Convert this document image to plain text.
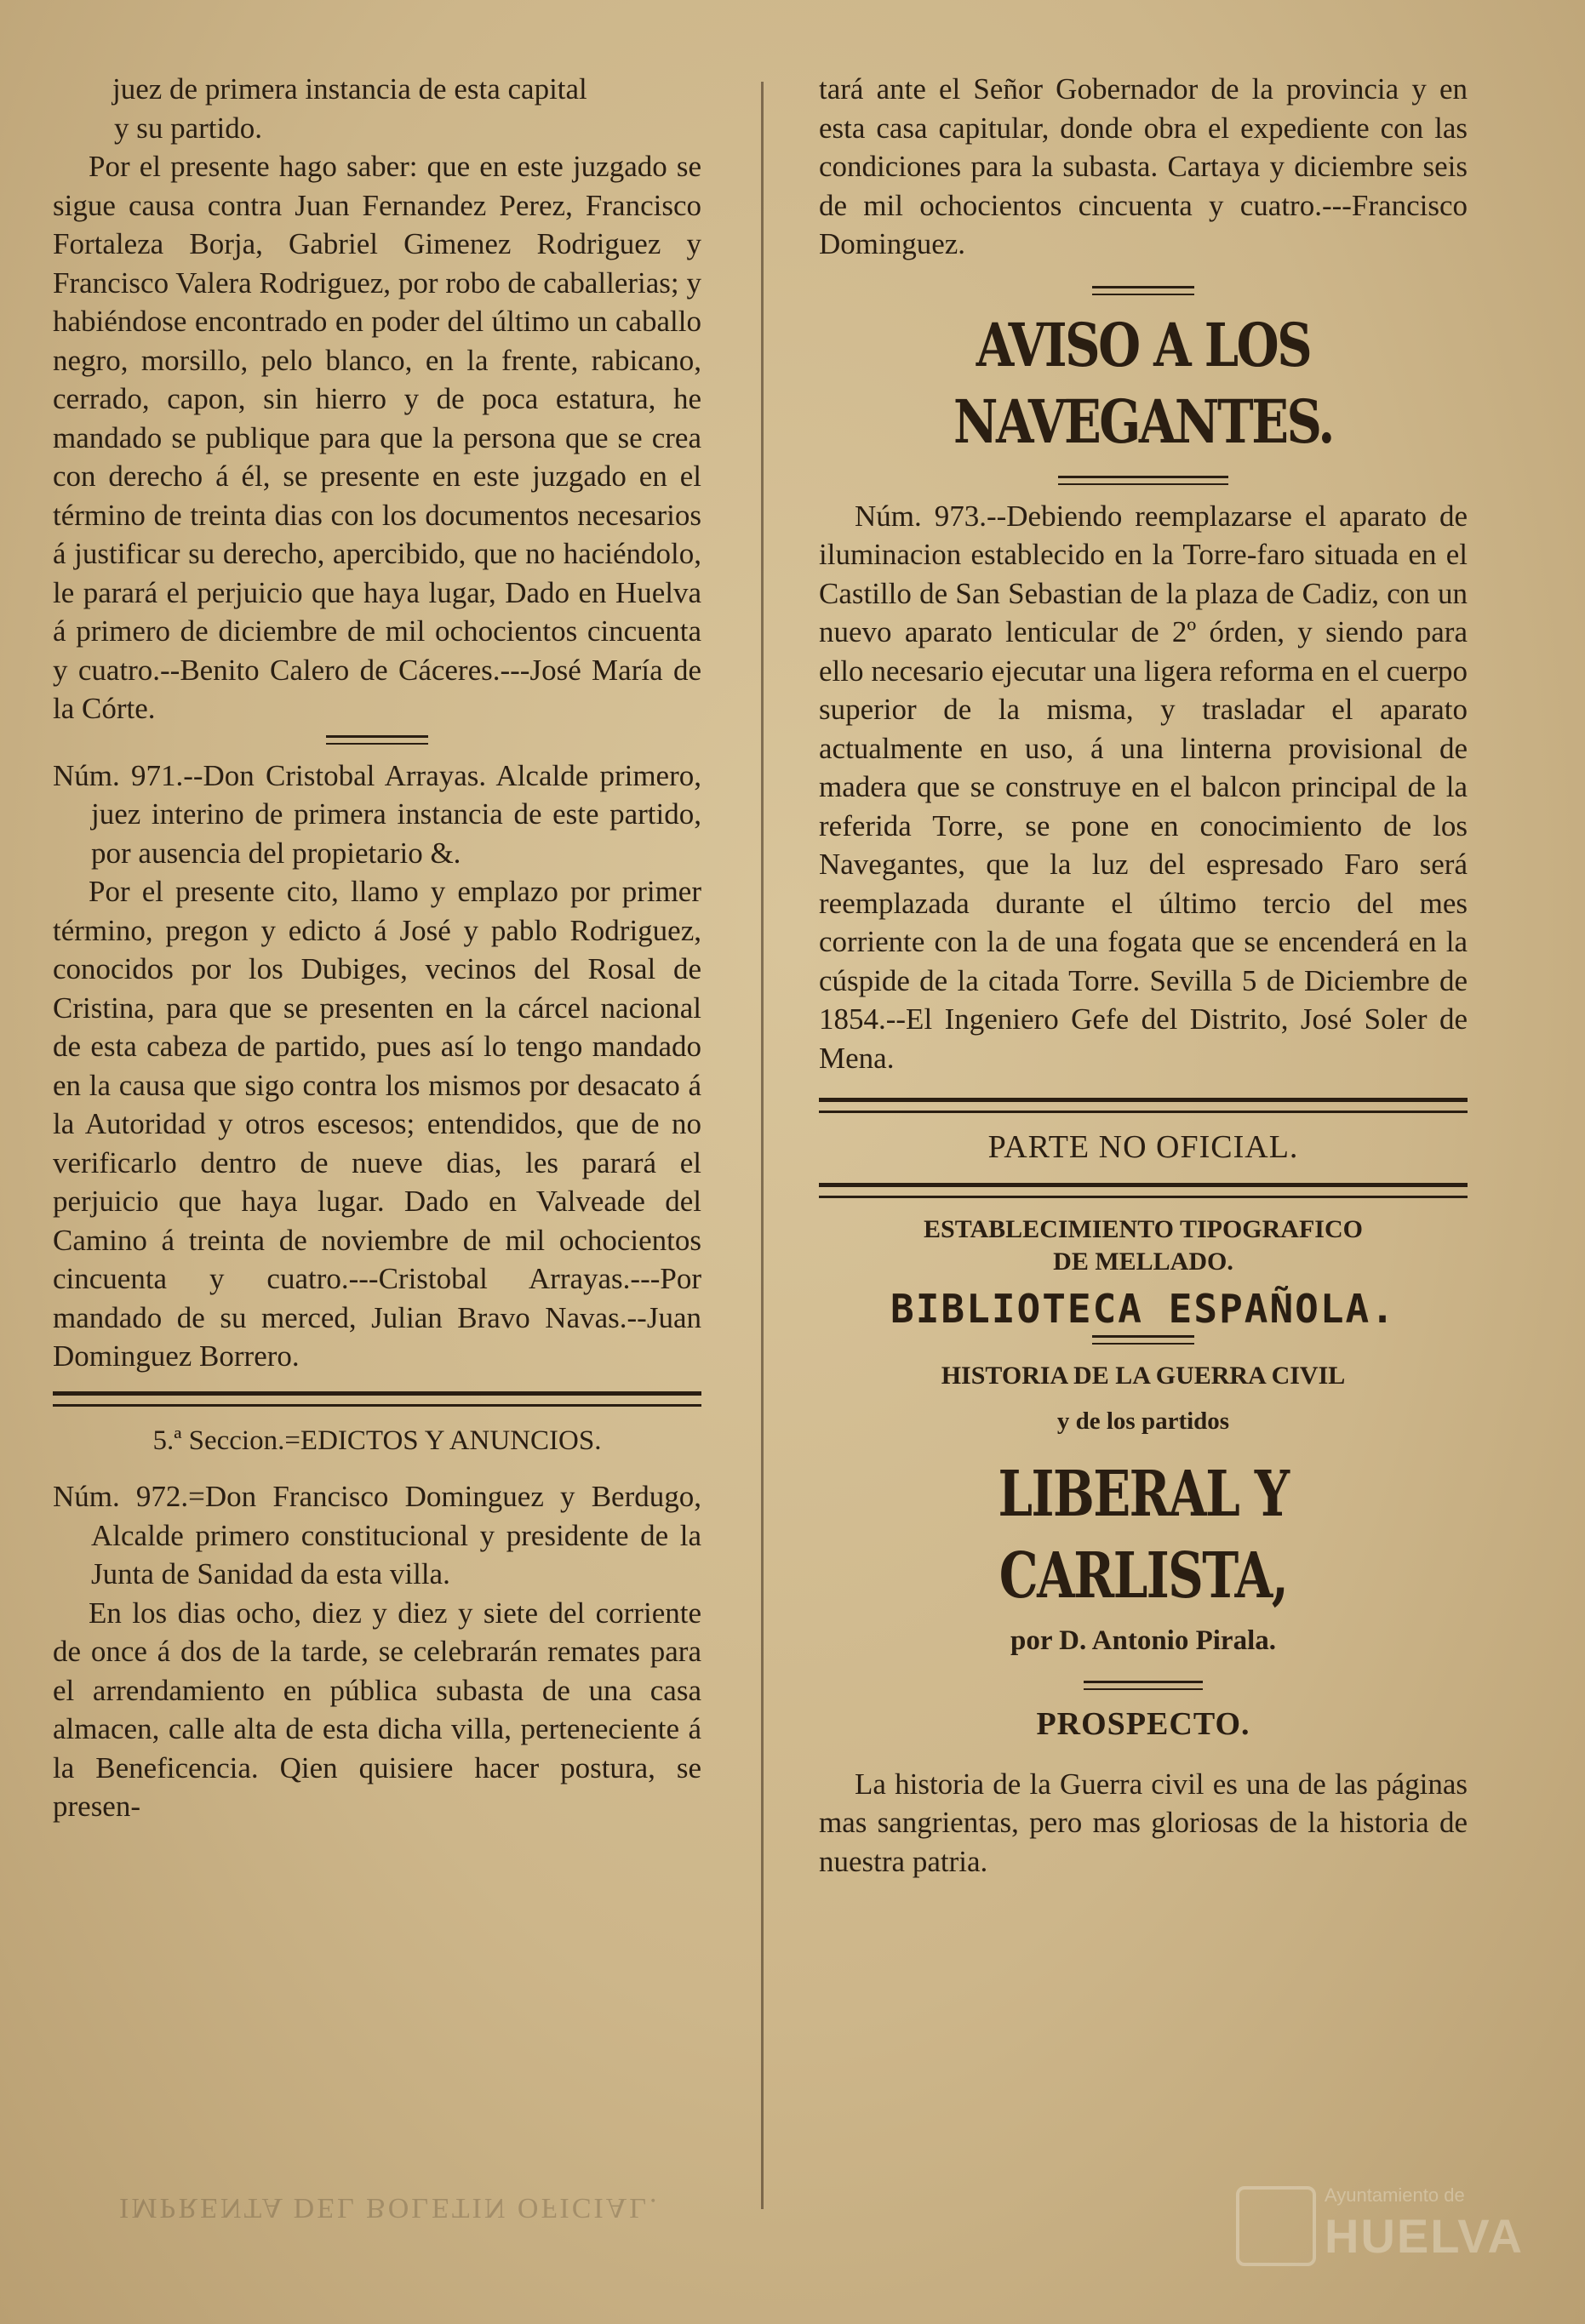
juez de primera instancia de esta capital

y su partido.

Por el presente hago saber: que en este juzgado se sigue causa contra Juan Fernandez Perez, Francisco Fortaleza Borja, Gabriel Gimenez Rodriguez y Francisco Valera Rodriguez, por robo de caballerias; y habiéndose encontrado en poder del último un caballo negro, morsillo, pelo blanco, en la frente, rabicano, cerrado, capon, sin hierro y de poca estatura, he mandado se publique para que la persona que se crea con derecho á él, se presente en este juzgado en el término de treinta dias con los documentos necesarios á justificar su derecho, apercibido, que no haciéndolo, le parará el perjuicio que haya lugar, Dado en Huelva á primero de diciembre de mil ochocientos cincuenta y cuatro.--Benito Calero de Cáceres.---José María de la Córte.

Núm. 971.--Don Cristobal Arrayas. Alcalde primero, juez interino de primera instancia de este partido, por ausencia del propietario &.

Por el presente cito, llamo y emplazo por primer término, pregon y edicto á José y pablo Rodriguez, conocidos por los Dubiges, vecinos del Rosal de Cristina, para que se presenten en la cárcel nacional de esta cabeza de partido, pues así lo tengo mandado en la causa que sigo contra los mismos por desacato á la Autoridad y otros escesos; entendidos, que de no verificarlo dentro de nueve dias, les parará el perjuicio que haya lugar. Dado en Valveade del Camino á treinta de noviembre de mil ochocientos cincuenta y cuatro.---Cristobal Arrayas.---Por mandado de su merced, Julian Bravo Navas.--Juan Dominguez Borrero.

5.ª Seccion.=EDICTOS Y ANUNCIOS.

Núm. 972.=Don Francisco Dominguez y Berdugo, Alcalde primero constitucional y presidente de la Junta de Sanidad da esta villa.

En los dias ocho, diez y diez y siete del corriente de once á dos de la tarde, se celebrarán remates para el arrendamiento en pública subasta de una casa almacen, calle alta de esta dicha villa, perteneciente á la Beneficencia. Qien quisiere hacer postura, se presen-

tará ante el Señor Gobernador de la provincia y en esta casa capitular, donde obra el expediente con las condiciones para la subasta. Cartaya y diciembre seis de mil ochocientos cincuenta y cuatro.---Francisco Dominguez.

AVISO A LOS NAVEGANTES.

Núm. 973.--Debiendo reemplazarse el aparato de iluminacion establecido en la Torre-faro situada en el Castillo de San Sebastian de la plaza de Cadiz, con un nuevo aparato lenticular de 2º órden, y siendo para ello necesario ejecutar una ligera reforma en el cuerpo superior de la misma, y trasladar el aparato actualmente en uso, á una linterna provisional de madera que se construye en el balcon principal de la referida Torre, se pone en conocimiento de los Navegantes, que la luz del espresado Faro será reemplazada durante el último tercio del mes corriente con la de una fogata que se encenderá en la cúspide de la citada Torre. Sevilla 5 de Diciembre de 1854.--El Ingeniero Gefe del Distrito, José Soler de Mena.

PARTE NO OFICIAL.

ESTABLECIMIENTO TIPOGRAFICO

DE MELLADO.

BIBLIOTECA ESPAÑOLA.

HISTORIA DE LA GUERRA CIVIL

y de los partidos

LIBERAL Y CARLISTA,

por D. Antonio Pirala.

PROSPECTO.

La historia de la Guerra civil es una de las páginas mas sangrientas, pero mas gloriosas de la historia de nuestra patria.

IMPRENTA DEL BOLETIN OFICIAL.	Ayuntamiento de
HUELVA
